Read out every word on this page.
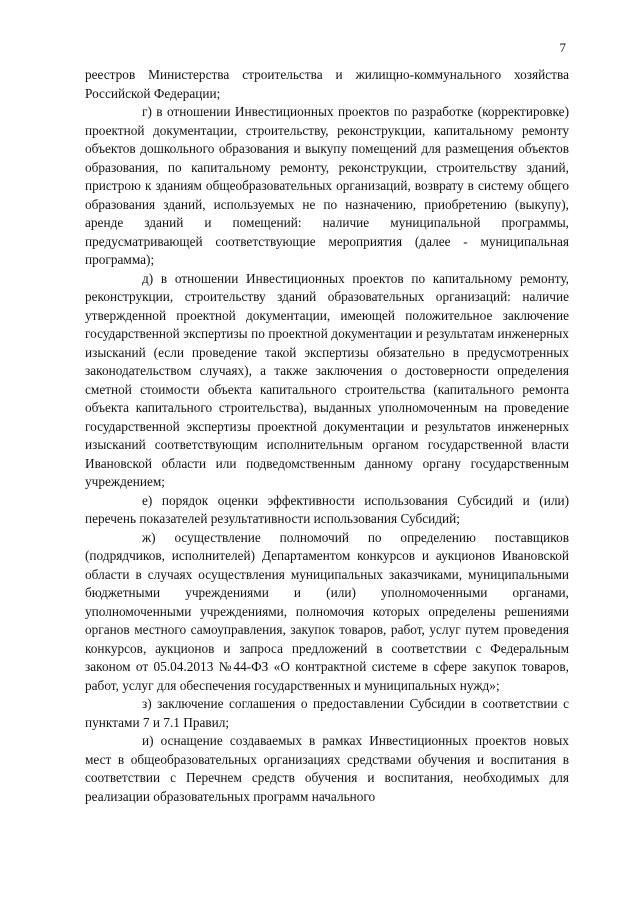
7

реестров Министерства строительства и жилищно-коммунального хозяйства Российской Федерации;

г) в отношении Инвестиционных проектов по разработке (корректировке) проектной документации, строительству, реконструкции, капитальному ремонту объектов дошкольного образования и выкупу помещений для размещения объектов образования, по капитальному ремонту, реконструкции, строительству зданий, пристрою к зданиям общеобразовательных организаций, возврату в систему общего образования зданий, используемых не по назначению, приобретению (выкупу), аренде зданий и помещений: наличие муниципальной программы, предусматривающей соответствующие мероприятия (далее - муниципальная программа);

д) в отношении Инвестиционных проектов по капитальному ремонту, реконструкции, строительству зданий образовательных организаций: наличие утвержденной проектной документации, имеющей положительное заключение государственной экспертизы по проектной документации и результатам инженерных изысканий (если проведение такой экспертизы обязательно в предусмотренных законодательством случаях), а также заключения о достоверности определения сметной стоимости объекта капитального строительства (капитального ремонта объекта капитального строительства), выданных уполномоченным на проведение государственной экспертизы проектной документации и результатов инженерных изысканий соответствующим исполнительным органом государственной власти Ивановской области или подведомственным данному органу государственным учреждением;

е) порядок оценки эффективности использования Субсидий и (или) перечень показателей результативности использования Субсидий;

ж) осуществление полномочий по определению поставщиков (подрядчиков, исполнителей) Департаментом конкурсов и аукционов Ивановской области в случаях осуществления муниципальных заказчиками, муниципальными бюджетными учреждениями и (или) уполномоченными органами, уполномоченными учреждениями, полномочия которых определены решениями органов местного самоуправления, закупок товаров, работ, услуг путем проведения конкурсов, аукционов и запроса предложений в соответствии с Федеральным законом от 05.04.2013 №44-ФЗ «О контрактной системе в сфере закупок товаров, работ, услуг для обеспечения государственных и муниципальных нужд»;

з) заключение соглашения о предоставлении Субсидии в соответствии с пунктами 7 и 7.1 Правил;

и) оснащение создаваемых в рамках Инвестиционных проектов новых мест в общеобразовательных организациях средствами обучения и воспитания в соответствии с Перечнем средств обучения и воспитания, необходимых для реализации образовательных программ начального
